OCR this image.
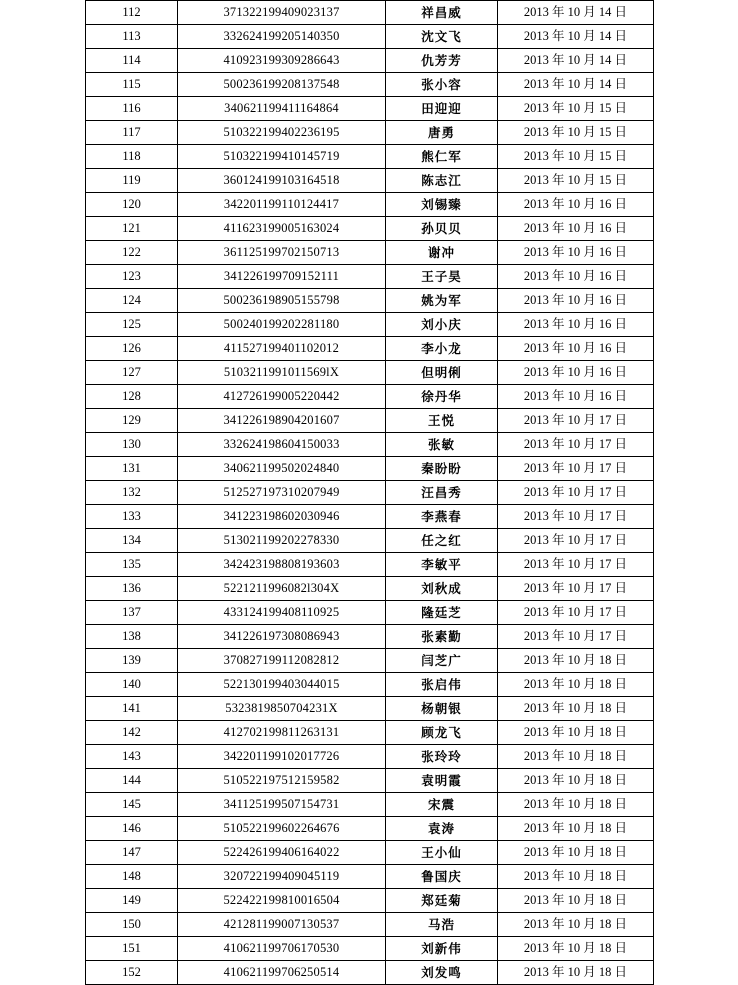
112	371322199409023137	祥昌威	2013 年 10 月 14 日
113	332624199205140350	沈文飞	2013 年 10 月 14 日
114	410923199309286643	仇芳芳	2013 年 10 月 14 日
115	500236199208137548	张小容	2013 年 10 月 14 日
116	340621199411164864	田迎迎	2013 年 10 月 15 日
117	510322199402236195	唐勇	2013 年 10 月 15 日
118	510322199410145719	熊仁军	2013 年 10 月 15 日
119	360124199103164518	陈志江	2013 年 10 月 15 日
120	342201199110124417	刘锡臻	2013 年 10 月 16 日
121	411623199005163024	孙贝贝	2013 年 10 月 16 日
122	361125199702150713	谢冲	2013 年 10 月 16 日
123	341226199709152111	王子昊	2013 年 10 月 16 日
124	500236198905155798	姚为军	2013 年 10 月 16 日
125	500240199202281180	刘小庆	2013 年 10 月 16 日
126	411527199401102012	李小龙	2013 年 10 月 16 日
127	5103211991011569lX	但明俐	2013 年 10 月 16 日
128	412726199005220442	徐丹华	2013 年 10 月 16 日
129	341226198904201607	王悦	2013 年 10 月 17 日
130	332624198604150033	张敏	2013 年 10 月 17 日
131	340621199502024840	秦盼盼	2013 年 10 月 17 日
132	512527197310207949	汪昌秀	2013 年 10 月 17 日
133	341223198602030946	李燕春	2013 年 10 月 17 日
134	513021199202278330	任之红	2013 年 10 月 17 日
135	342423198808193603	李敏平	2013 年 10 月 17 日
136	5221211996082l304X	刘秋成	2013 年 10 月 17 日
137	433124199408110925	隆廷芝	2013 年 10 月 17 日
138	341226197308086943	张素勤	2013 年 10 月 17 日
139	370827199112082812	闫芝广	2013 年 10 月 18 日
140	522130199403044015	张启伟	2013 年 10 月 18 日
141	5323819850704231X	杨朝银	2013 年 10 月 18 日
142	412702199811263131	顾龙飞	2013 年 10 月 18 日
143	342201199102017726	张玲玲	2013 年 10 月 18 日
144	510522197512159582	袁明霞	2013 年 10 月 18 日
145	341125199507154731	宋震	2013 年 10 月 18 日
146	510522199602264676	袁涛	2013 年 10 月 18 日
147	522426199406164022	王小仙	2013 年 10 月 18 日
148	320722199409045119	鲁国庆	2013 年 10 月 18 日
149	522422199810016504	郑廷菊	2013 年 10 月 18 日
150	421281199007130537	马浩	2013 年 10 月 18 日
151	410621199706170530	刘新伟	2013 年 10 月 18 日
152	410621199706250514	刘发鸣	2013 年 10 月 18 日
